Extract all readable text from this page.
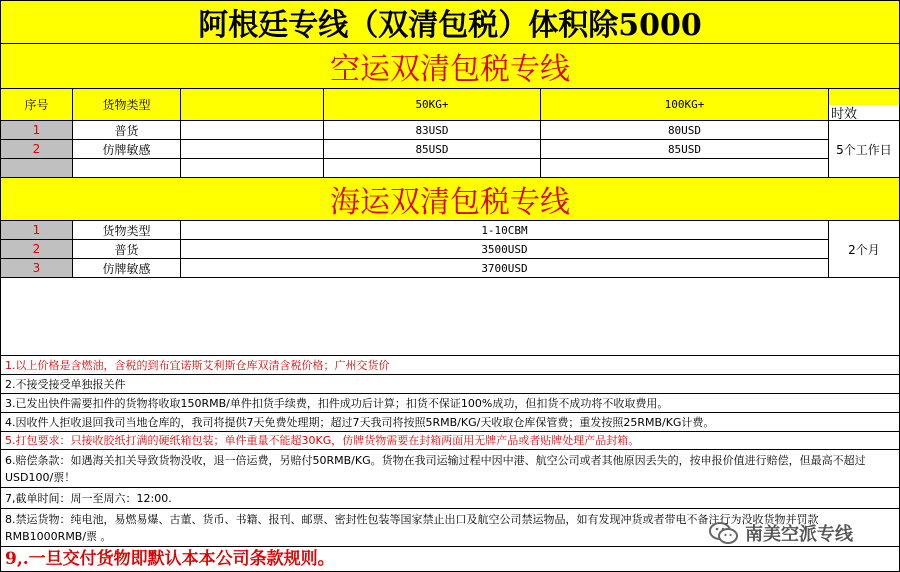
阿根廷专线（双清包税）体积除5000
空运双清包税专线
序号	货物类型	50KG+	100KG+
时效
1	普货	83USD	80USD
2	仿牌敏感	85USD	85USD	5个工作日
海运双清包税专线
1	货物类型	1-10CBM
2	普货	3500USD
3	仿牌敏感	3700USD
2个月
1.以上价格是含燃油，含税的到布宜诺斯艾利斯仓库双清含税价格；广州交货价
2.不接受接受单独报关件
3.已发出快件需要扣件的货物将收取150RMB/单件扣货手续费，扣件成功后计算；扣货不保证100%成功，但扣货不成功将不收取费用。
4.因收件人拒收退回我司当地仓库的，我司将提供7天免费处理期；超过7天我司将按照5RMB/KG/天收取仓库保管费；重发按照25RMB/KG计费。
5.打包要求：只接收胶纸打满的硬纸箱包装；单件重量不能超30KG，仿牌货物需要在封箱两面用无牌产品或者贴牌处理产品封箱。
6.赔偿条款：如遇海关扣关导致货物没收，退一倍运费，另赔付50RMB/KG。货物在我司运输过程中因中港、航空公司或者其他原因丢失的，按申报价值进行赔偿，但最高不超过USD100/票！
7,截单时间：周一至周六：12:00.
8.禁运货物：纯电池，易燃易爆、古董、货币、书籍、报刊、邮票、密封性包装等国家禁止出口及航空公司禁运物品，如有发现冲货或者带电不备注行为没收货物并罚款RMB1000RMB/票 。
9,.一旦交付货物即默认本本公司条款规则。
南美空派专线
